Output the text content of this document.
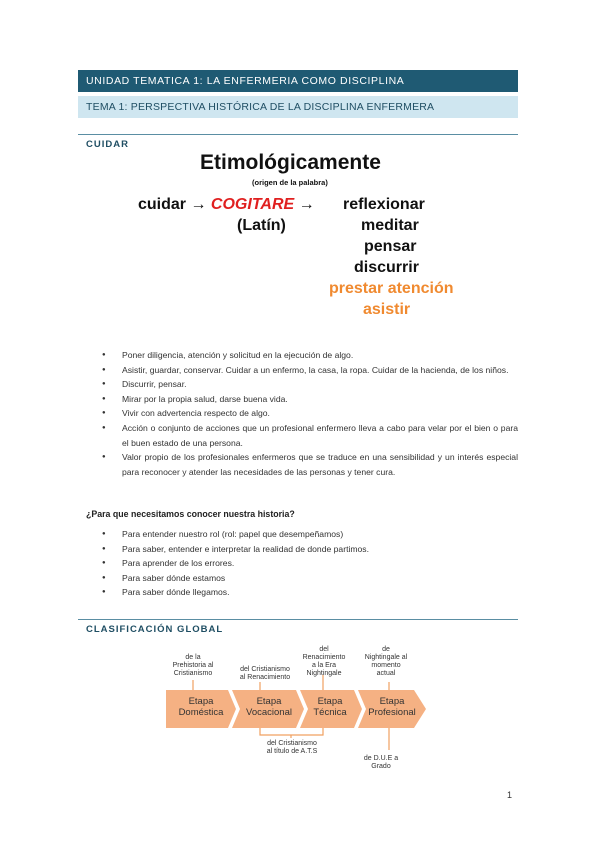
UNIDAD TEMATICA 1: LA ENFERMERIA COMO DISCIPLINA
TEMA 1: PERSPECTIVA HISTÓRICA DE LA DISCIPLINA ENFERMERA
CUIDAR
Etimológicamente
(origen de la palabra)
cuidar → COGITARE →
(Latín)
reflexionar
meditar
pensar
discurrir
prestar atención
asistir
● Poner diligencia, atención y solicitud en la ejecución de algo.
● Asistir, guardar, conservar. Cuidar a un enfermo, la casa, la ropa. Cuidar de la hacienda, de los niños.
● Discurrir, pensar.
● Mirar por la propia salud, darse buena vida.
● Vivir con advertencia respecto de algo.
● Acción o conjunto de acciones que un profesional enfermero lleva a cabo para velar por el bien o para el buen estado de una persona.
● Valor propio de los profesionales enfermeros que se traduce en una sensibilidad y un interés especial para reconocer y atender las necesidades de las personas y tener cura.
¿Para que necesitamos conocer nuestra historia?
● Para entender nuestro rol (rol: papel que desempeñamos)
● Para saber, entender e interpretar la realidad de donde partimos.
● Para aprender de los errores.
● Para saber dónde estamos
● Para saber dónde llegamos.
CLASIFICACIÓN GLOBAL
de la
Prehistoria al
Cristianismo
del Cristianismo
al Renacimiento
del
Renacimiento
a la Era
Nightingale
de
Nightingale al
momento
actual
Etapa
Doméstica
Etapa
Vocacional
Etapa
Técnica
Etapa
Profesional
del Cristianismo
al título de A.T.S
de D.U.E a
Grado
1
